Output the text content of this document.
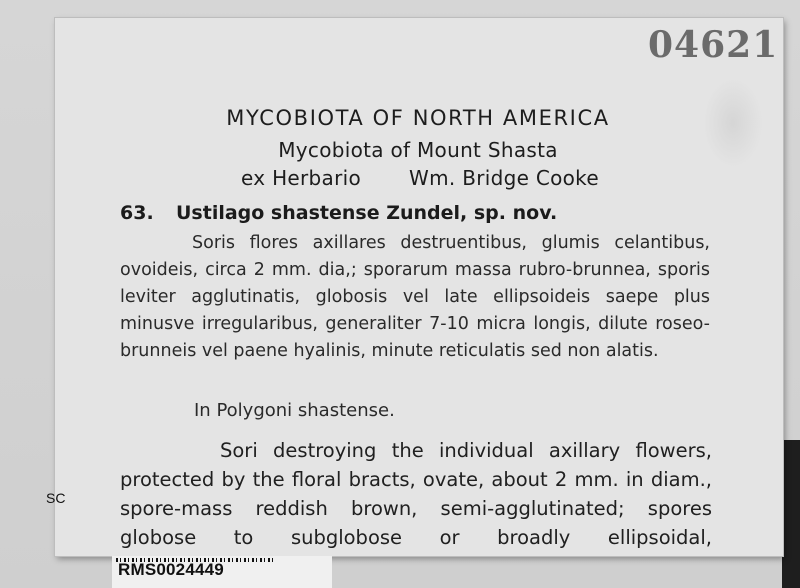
04621
MYCOBIOTA OF NORTH AMERICA
Mycobiota of Mount Shasta
ex Herbario Wm. Bridge Cooke
63. Ustilago shastense Zundel, sp. nov.
Soris flores axillares destruentibus, glumis celantibus, ovoideis, circa 2 mm. dia,; sporarum massa rubro-brunnea, sporis leviter agglutinatis, globosis vel late ellipsoideis saepe plus minusve irregularibus, generaliter 7-10 micra longis, dilute roseo-brunneis vel paene hyalinis, minute reticulatis sed non alatis.
In Polygoni shastense.
Sori destroying the individual axillary flowers, protected by the floral bracts, ovate, about 2 mm. in diam., spore-mass reddish brown, semi-agglutinated; spores globose to subglobose or broadly ellipsoidal,
SC
RMS0024449
